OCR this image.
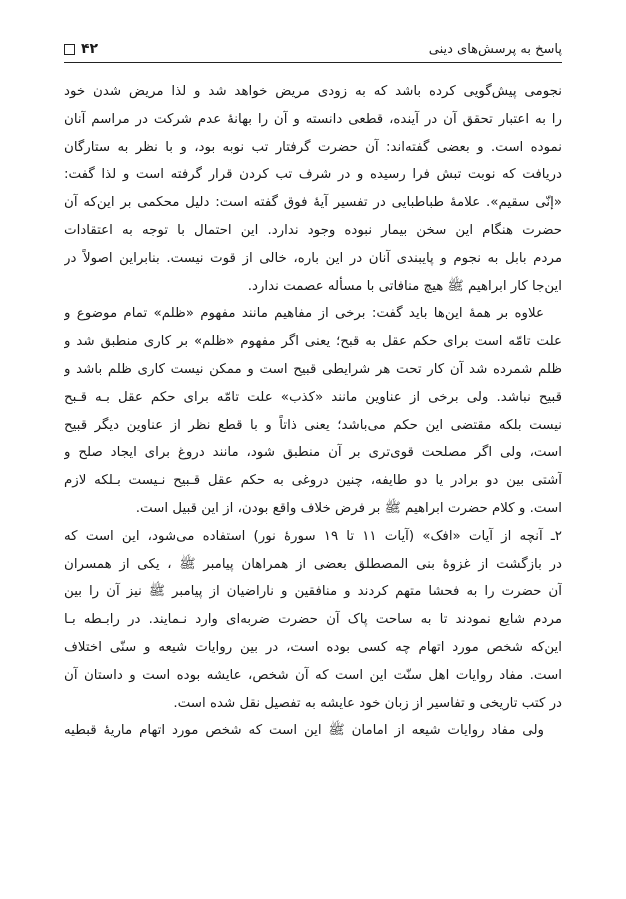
پاسخ به پرسش‌های دینی
۴۲
نجومی پیش‌گویی کرده باشد که به زودی مریض خواهد شد و لذا مریض شدن خود
را به اعتبار تحقق آن در آینده، قطعی دانسته و آن را بهانهٔ عدم شرکت در مراسم آنان
نموده است. و بعضی گفته‌اند: آن حضرت گرفتار تب نوبه بود، و با نظر به ستارگان
دریافت که نوبت تبش فرا رسیده و در شرف تب کردن قرار گرفته است و لذا گفت:
«إنّی سقیم». علامهٔ طباطبایی در تفسیر آیهٔ فوق گفته است: دلیل محکمی بر این‌که آن
حضرت هنگام این سخن بیمار نبوده وجود ندارد. این احتمال با توجه به اعتقادات
مردم بابل به نجوم و پایبندی آنان در این باره، خالی از قوت نیست. بنابراین اصولاً در
این‌جا کار ابراهیم ﷺ هیچ منافاتی با مسأله عصمت ندارد.
علاوه بر همهٔ این‌ها باید گفت: برخی از مفاهیم مانند مفهوم «ظلم» تمام موضوع و
علت تامّه است برای حکم عقل به قبح؛ یعنی اگر مفهوم «ظلم» بر کاری منطبق شد و
ظلم شمرده شد آن کار تحت هر شرایطی قبیح است و ممکن نیست کاری ظلم باشد و
قبیح نباشد. ولی برخی از عناوین مانند «کذب» علت تامّه برای حکم عقل بـه قـبح
نیست بلکه مقتضی این حکم می‌باشد؛ یعنی ذاتاً و با قطع نظر از عناوین دیگر قبیح
است، ولی اگر مصلحت قوی‌تری بر آن منطبق شود، مانند دروغ برای ایجاد صلح و
آشتی بین دو برادر یا دو طایفه، چنین دروغی به حکم عقل قـبیح نـیست بـلکه لازم
است. و کلام حضرت ابراهیم ﷺ بر فرض خلاف واقع بودن، از این قبیل است.
۲ـ آنچه از آیات «افک» (آیات ۱۱ تا ۱۹ سورهٔ نور) استفاده می‌شود، این است که
در بازگشت از غزوهٔ بنی المصطلق بعضی از همراهان پیامبر ﷺ ، یکی از همسران
آن حضرت را به فحشا متهم کردند و منافقین و ناراضیان از پیامبر ﷺ نیز آن را بین
مردم شایع نمودند تا به ساحت پاک آن حضرت ضربه‌ای وارد نـمایند. در رابـطه بـا
این‌که شخص مورد اتهام چه کسی بوده است، در بین روایات شیعه و سنّی اختلاف
است. مفاد روایات اهل سنّت این است که آن شخص، عایشه بوده است و داستان آن
در کتب تاریخی و تفاسیر از زبان خود عایشه به تفصیل نقل شده است.
ولی مفاد روایات شیعه از امامان ﷺ این است که شخص مورد اتهام ماریهٔ قبطیه
